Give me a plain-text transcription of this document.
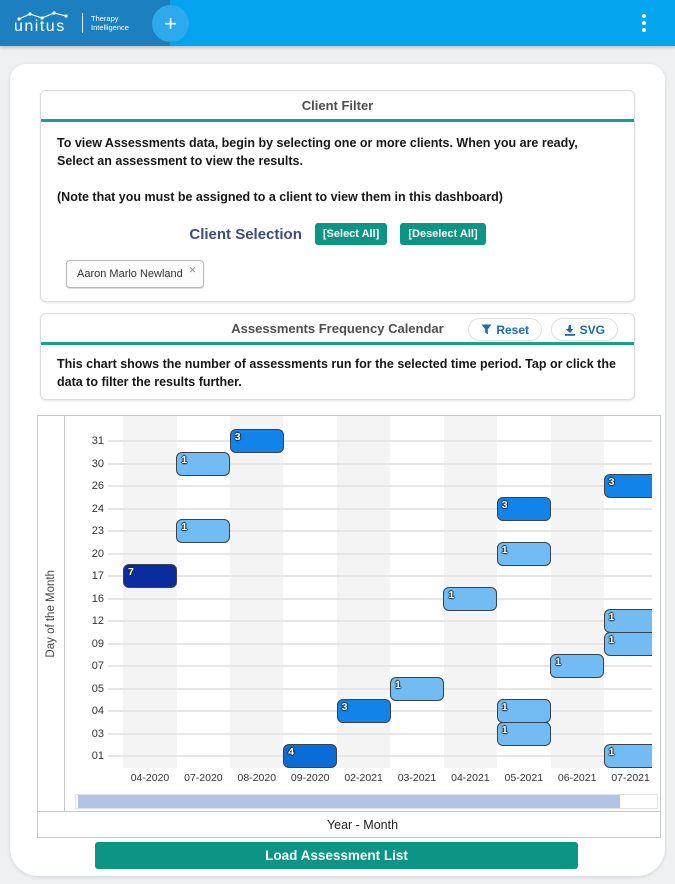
unitus	Therapy
Intelligence	+
Client Filter

To view Assessments data, begin by selecting one or more clients. When you are ready, Select an assessment to view the results.

(Note that you must be assigned to a client to view them in this dashboard)

Client Selection	[Select All]	[Deselect All]
Aaron Marlo Newland ✕
Assessments Frequency Calendar	Reset	SVG

This chart shows the number of assessments run for the selected time period. Tap or click the data to filter the results further.

Day of the Month
04-2020	07-2020	08-2020	09-2020	02-2021	03-2021	04-2021	05-2021	06-2021	07-2021
31
30
26
24
23
20
17
16
12
09
07
05
04
03
01
3
1
3
3
1
1
7
1
1
1
1
1
3	1
1
4	1
Year - Month
Load Assessment List
